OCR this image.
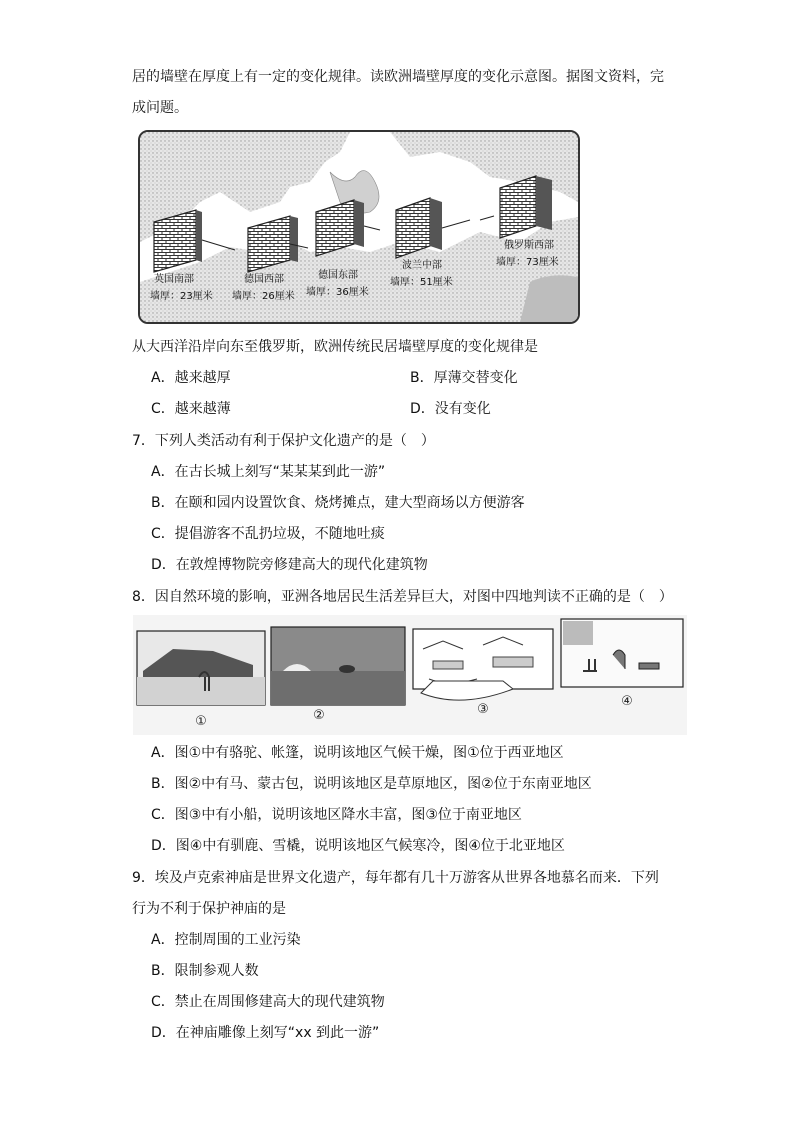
居的墙壁在厚度上有一定的变化规律。读欧洲墙壁厚度的变化示意图。据图文资料，完
成问题。
英国南部
墙厚：23厘米
德国西部
墙厚：26厘米
德国东部
墙厚：36厘米
波兰中部
墙厚：51厘米
俄罗斯西部
墙厚：73厘米
从大西洋沿岸向东至俄罗斯，欧洲传统民居墙壁厚度的变化规律是
A．越来越厚	B．厚薄交替变化
C．越来越薄	D．没有变化
7．下列人类活动有利于保护文化遗产的是（　）
A．在古长城上刻写“某某某到此一游”
B．在颐和园内设置饮食、烧烤摊点，建大型商场以方便游客
C．提倡游客不乱扔垃圾，不随地吐痰
D．在敦煌博物院旁修建高大的现代化建筑物
8．因自然环境的影响，亚洲各地居民生活差异巨大，对图中四地判读不正确的是（　）
①	②	③
④
A．图①中有骆驼、帐篷，说明该地区气候干燥，图①位于西亚地区
B．图②中有马、蒙古包，说明该地区是草原地区，图②位于东南亚地区
C．图③中有小船，说明该地区降水丰富，图③位于南亚地区
D．图④中有驯鹿、雪橇，说明该地区气候寒冷，图④位于北亚地区
9．埃及卢克索神庙是世界文化遗产，每年都有几十万游客从世界各地慕名而来．下列
行为不利于保护神庙的是
A．控制周围的工业污染
B．限制参观人数
C．禁止在周围修建高大的现代建筑物
D．在神庙雕像上刻写“xx 到此一游”
